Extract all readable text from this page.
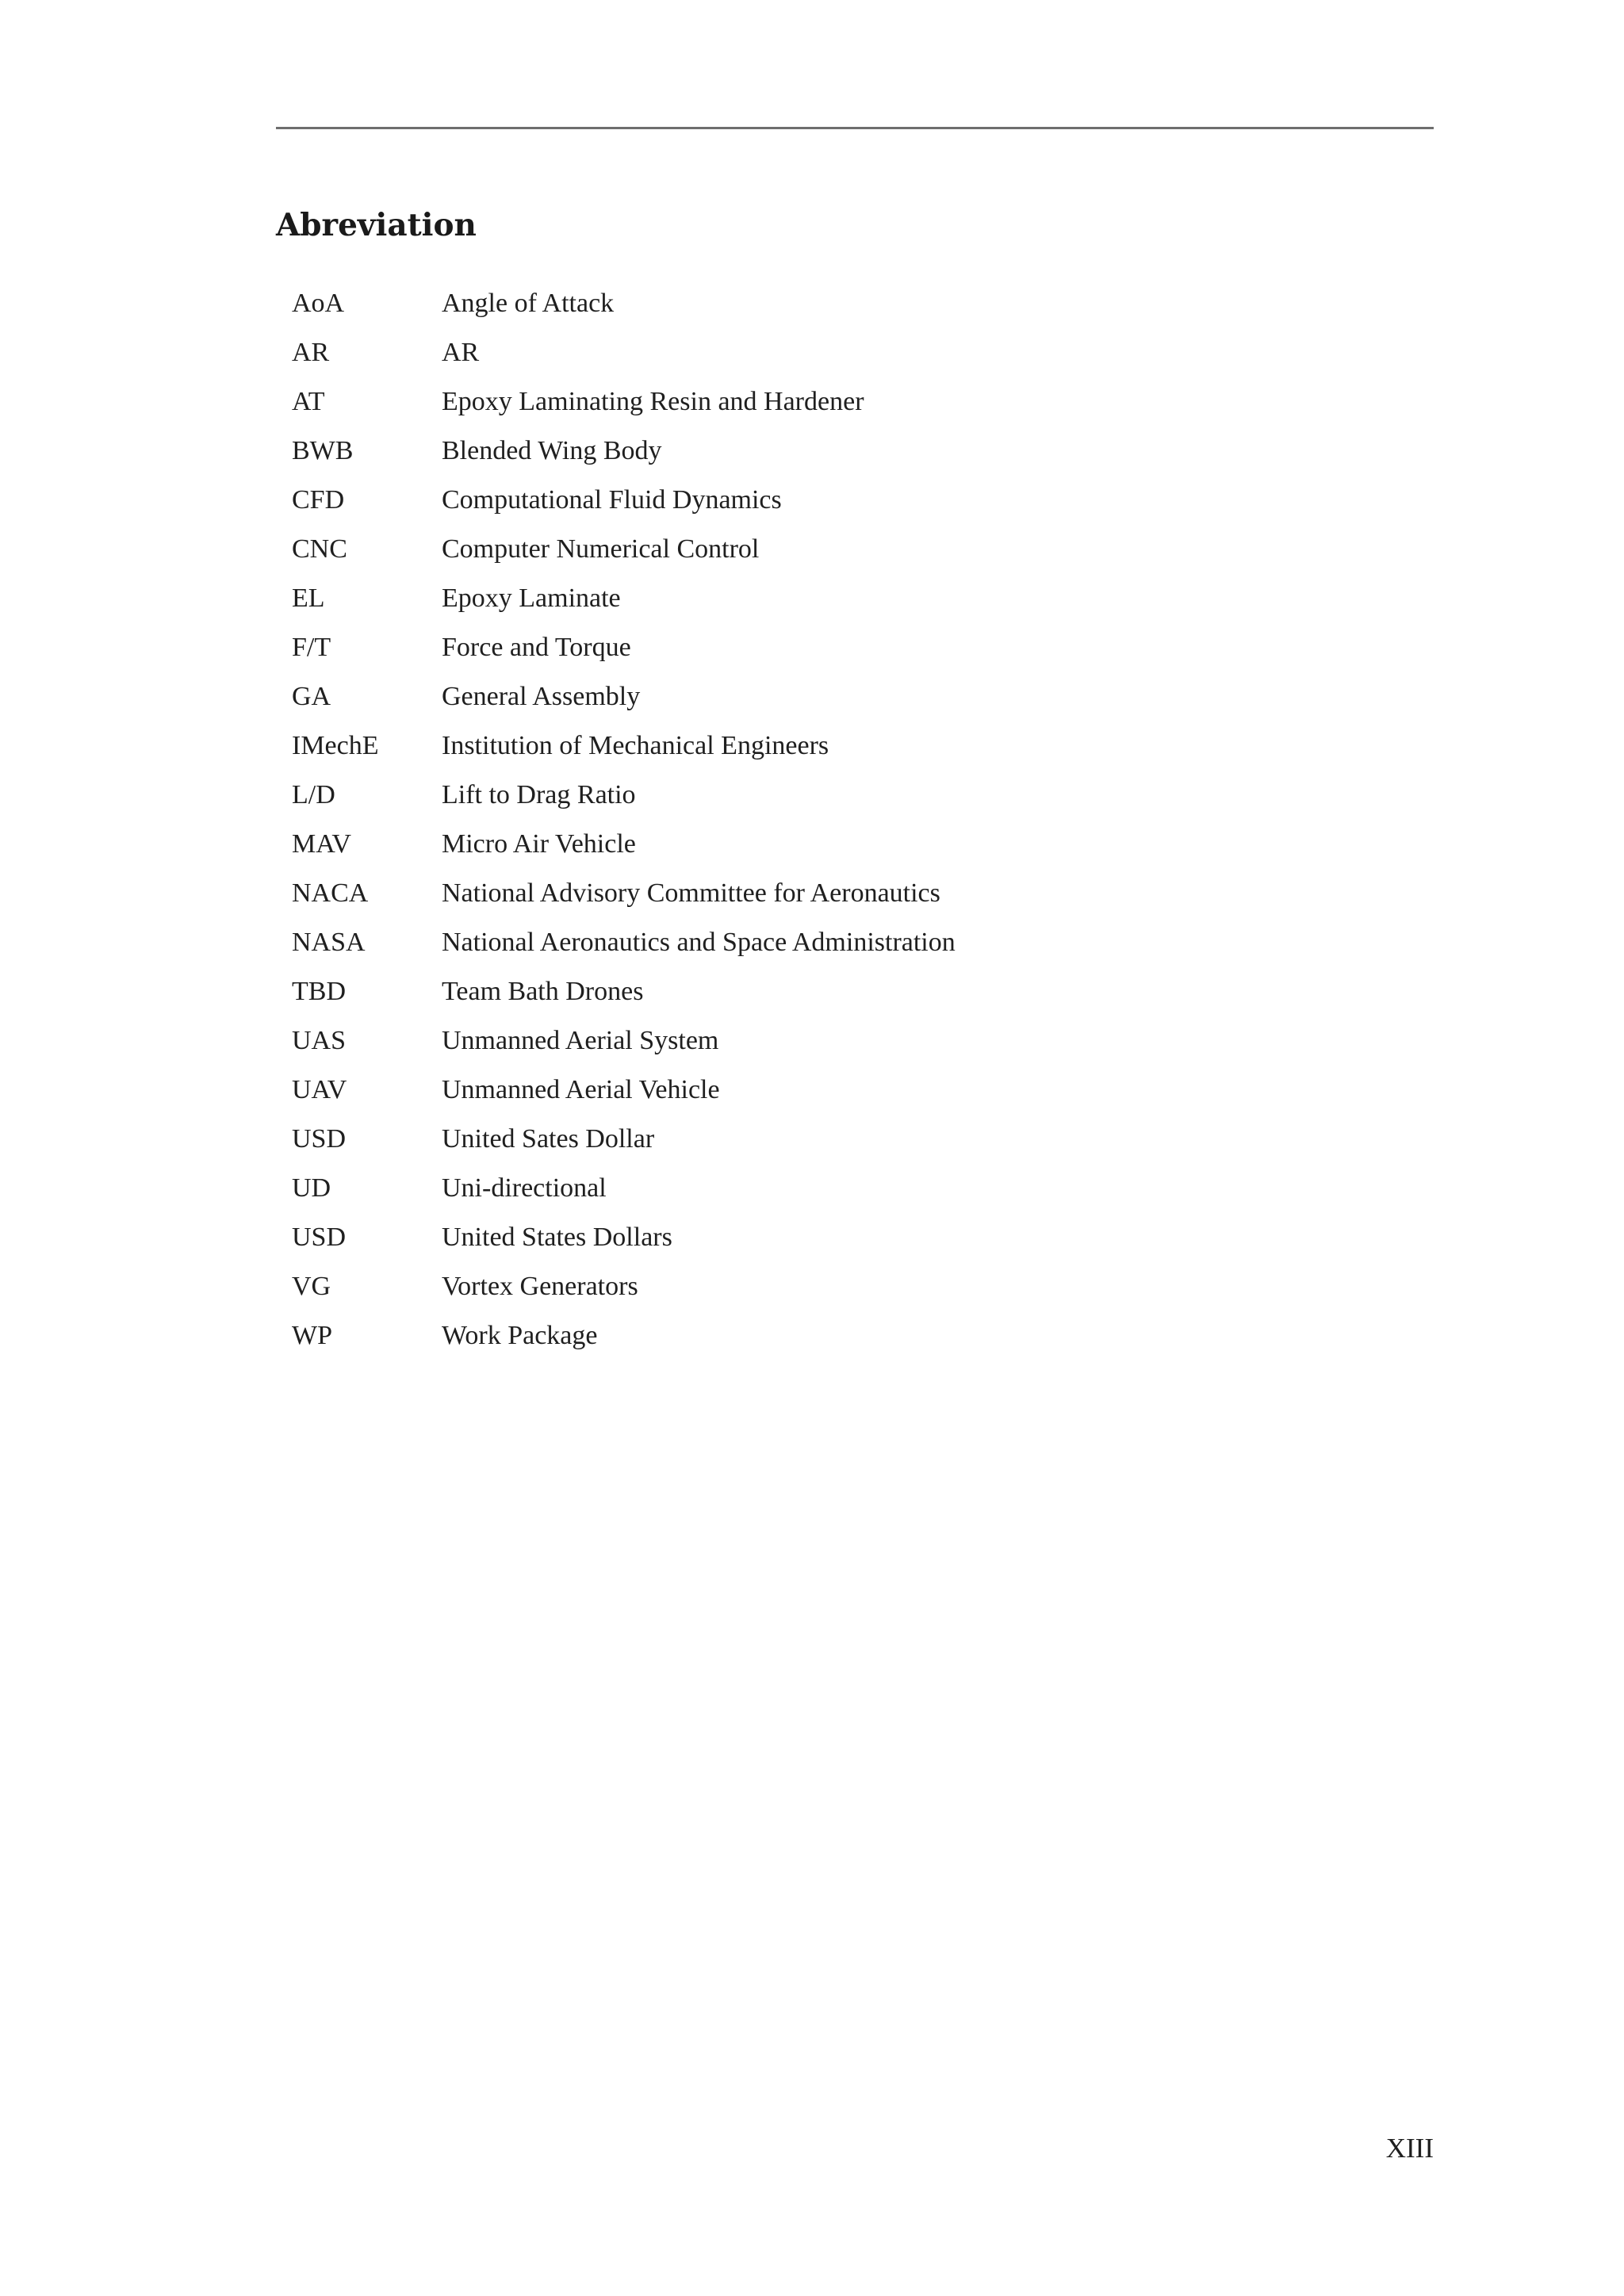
Abreviation
AoA	Angle of Attack
AR	AR
AT	Epoxy Laminating Resin and Hardener
BWB	Blended Wing Body
CFD	Computational Fluid Dynamics
CNC	Computer Numerical Control
EL	Epoxy Laminate
F/T	Force and Torque
GA	General Assembly
IMechE Institution of Mechanical Engineers
L/D	Lift to Drag Ratio
MAV	Micro Air Vehicle
NACA	National Advisory Committee for Aeronautics
NASA	National Aeronautics and Space Administration
TBD	Team Bath Drones
UAS	Unmanned Aerial System
UAV	Unmanned Aerial Vehicle
USD	United Sates Dollar
UD	Uni-directional
USD	United States Dollars
VG	Vortex Generators
WP	Work Package
XIII
